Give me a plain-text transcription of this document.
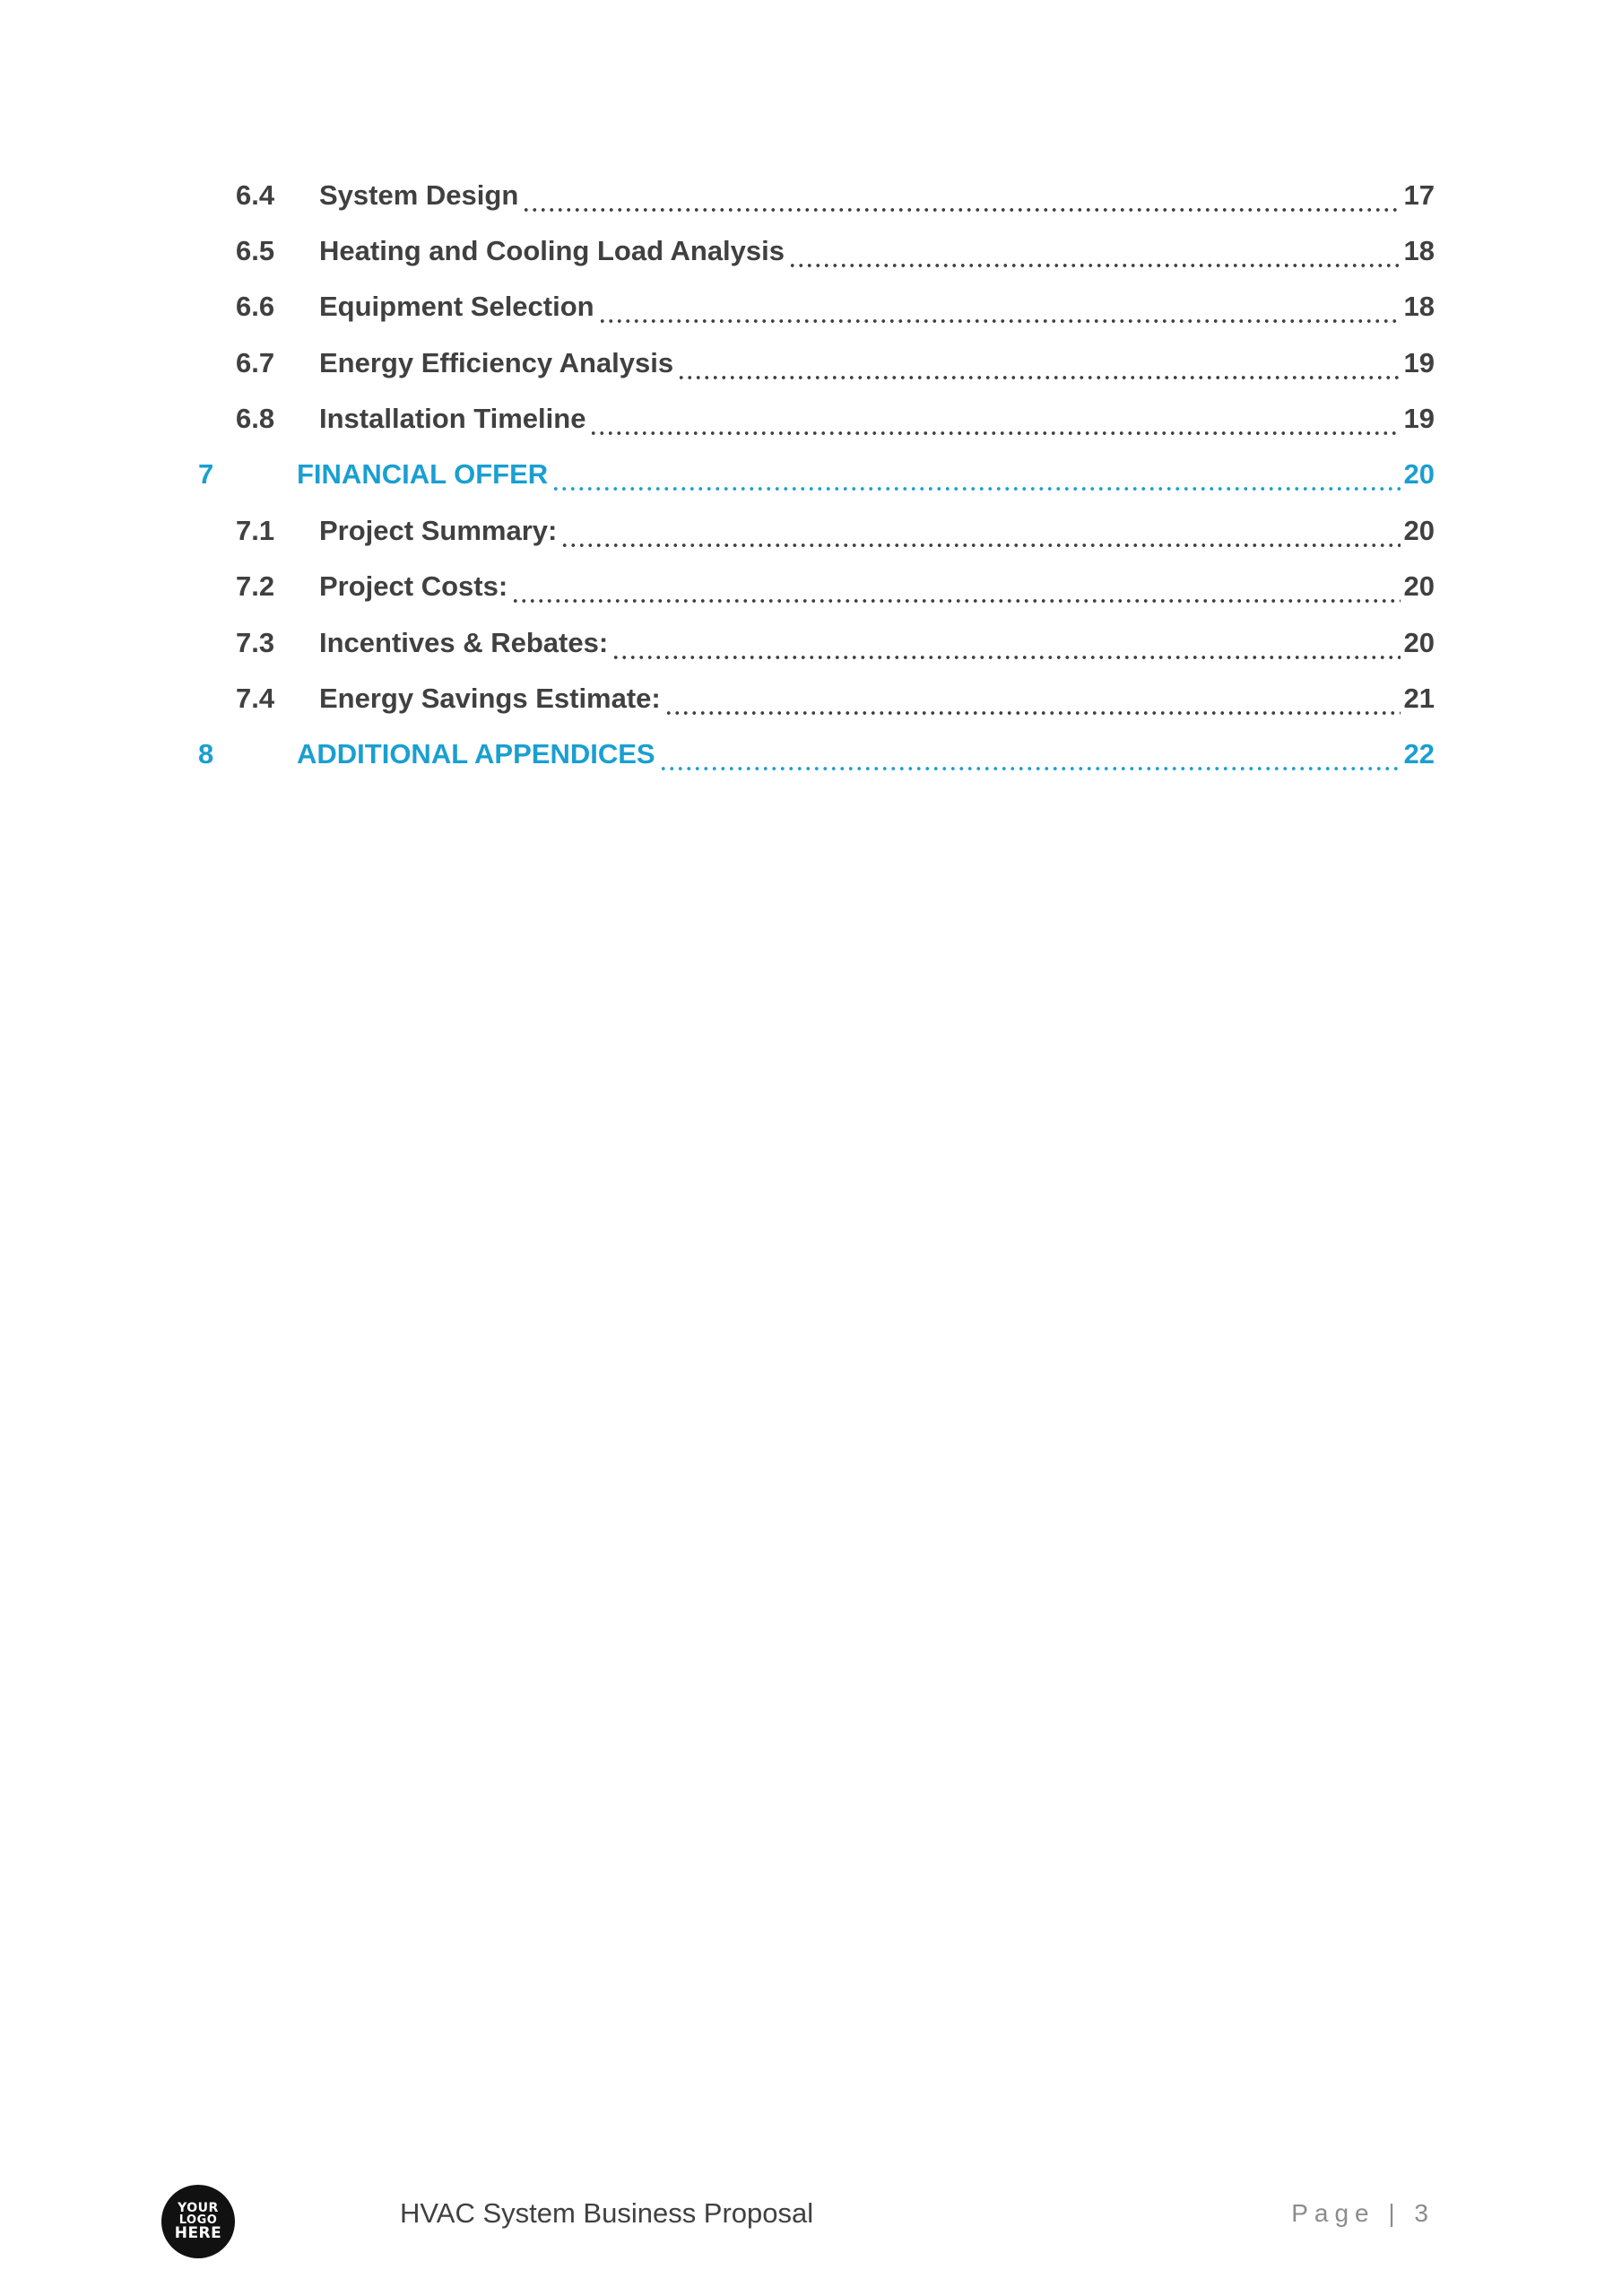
6.4	System Design	17
6.5	Heating and Cooling Load Analysis	18
6.6	Equipment Selection	18
6.7	Energy Efficiency Analysis	19
6.8	Installation Timeline	19
7	FINANCIAL OFFER	20
7.1	Project Summary:	20
7.2	Project Costs:	20
7.3	Incentives & Rebates:	20
7.4	Energy Savings Estimate:	21
8	ADDITIONAL APPENDICES	22
YOUR
LOGO
HERE
HVAC System Business Proposal	Page | 3
